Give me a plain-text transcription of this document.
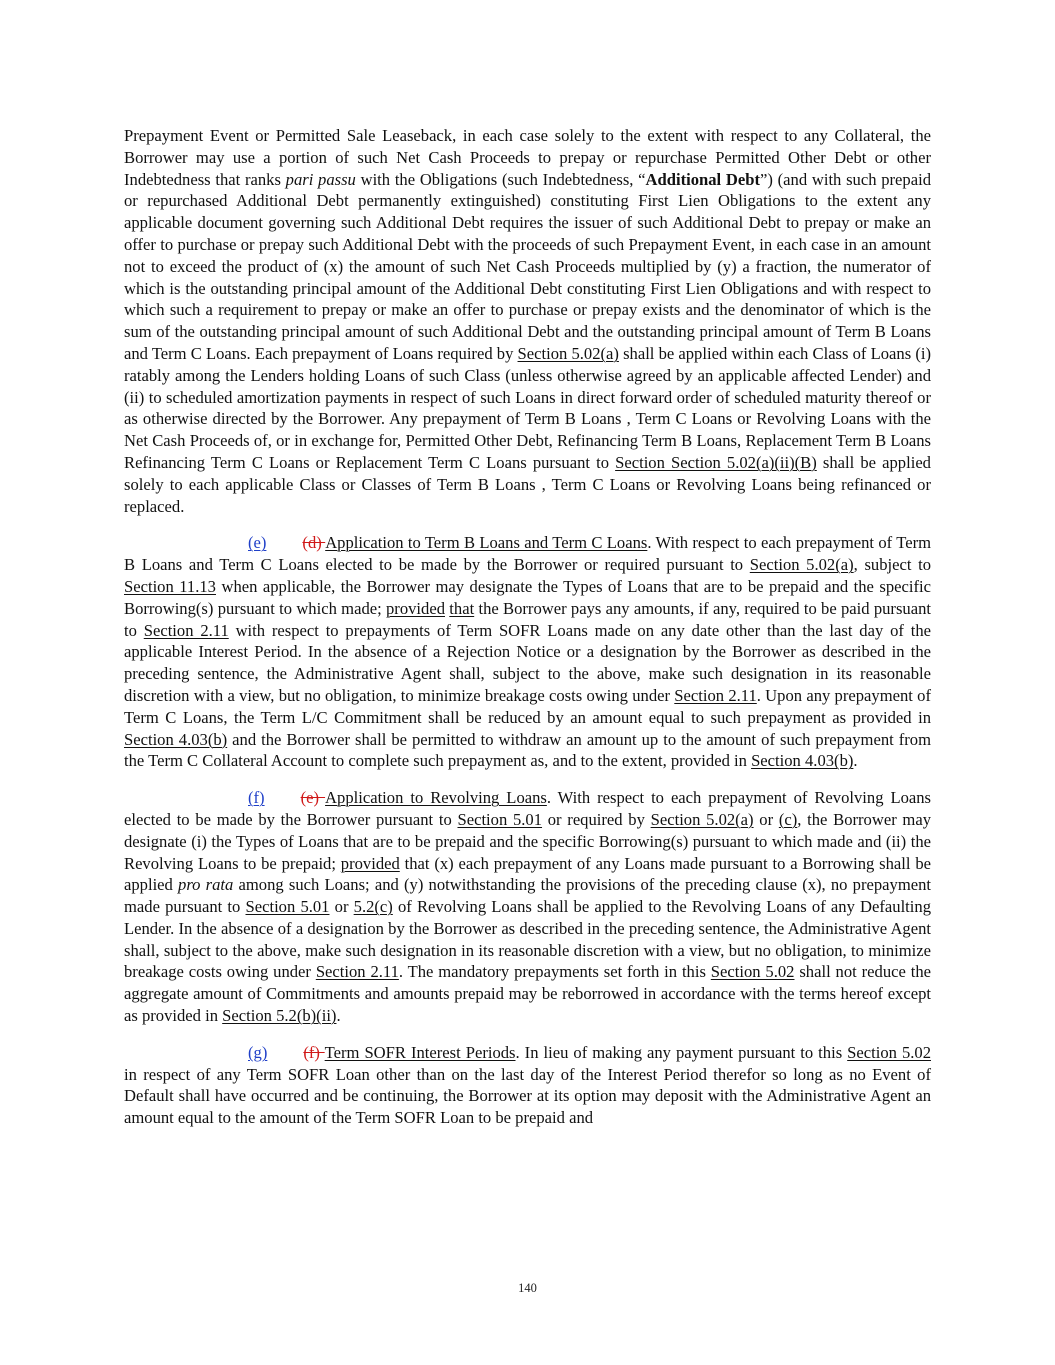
Prepayment Event or Permitted Sale Leaseback, in each case solely to the extent with respect to any Collateral, the Borrower may use a portion of such Net Cash Proceeds to prepay or repurchase Permitted Other Debt or other Indebtedness that ranks pari passu with the Obligations (such Indebtedness, “Additional Debt”) (and with such prepaid or repurchased Additional Debt permanently extinguished) constituting First Lien Obligations to the extent any applicable document governing such Additional Debt requires the issuer of such Additional Debt to prepay or make an offer to purchase or prepay such Additional Debt with the proceeds of such Prepayment Event, in each case in an amount not to exceed the product of (x) the amount of such Net Cash Proceeds multiplied by (y) a fraction, the numerator of which is the outstanding principal amount of the Additional Debt constituting First Lien Obligations and with respect to which such a requirement to prepay or make an offer to purchase or prepay exists and the denominator of which is the sum of the outstanding principal amount of such Additional Debt and the outstanding principal amount of Term B Loans and Term C Loans. Each prepayment of Loans required by Section 5.02(a) shall be applied within each Class of Loans (i) ratably among the Lenders holding Loans of such Class (unless otherwise agreed by an applicable affected Lender) and (ii) to scheduled amortization payments in respect of such Loans in direct forward order of scheduled maturity thereof or as otherwise directed by the Borrower. Any prepayment of Term B Loans , Term C Loans or Revolving Loans with the Net Cash Proceeds of, or in exchange for, Permitted Other Debt, Refinancing Term B Loans, Replacement Term B Loans Refinancing Term C Loans or Replacement Term C Loans pursuant to Section Section 5.02(a)(ii)(B) shall be applied solely to each applicable Class or Classes of Term B Loans , Term C Loans or Revolving Loans being refinanced or replaced.

(e) (d) Application to Term B Loans and Term C Loans. With respect to each prepayment of Term B Loans and Term C Loans elected to be made by the Borrower or required pursuant to Section 5.02(a), subject to Section 11.13 when applicable, the Borrower may designate the Types of Loans that are to be prepaid and the specific Borrowing(s) pursuant to which made; provided that the Borrower pays any amounts, if any, required to be paid pursuant to Section 2.11 with respect to prepayments of Term SOFR Loans made on any date other than the last day of the applicable Interest Period. In the absence of a Rejection Notice or a designation by the Borrower as described in the preceding sentence, the Administrative Agent shall, subject to the above, make such designation in its reasonable discretion with a view, but no obligation, to minimize breakage costs owing under Section 2.11. Upon any prepayment of Term C Loans, the Term L/C Commitment shall be reduced by an amount equal to such prepayment as provided in Section 4.03(b) and the Borrower shall be permitted to withdraw an amount up to the amount of such prepayment from the Term C Collateral Account to complete such prepayment as, and to the extent, provided in Section 4.03(b).

(f) (e) Application to Revolving Loans. With respect to each prepayment of Revolving Loans elected to be made by the Borrower pursuant to Section 5.01 or required by Section 5.02(a) or (c), the Borrower may designate (i) the Types of Loans that are to be prepaid and the specific Borrowing(s) pursuant to which made and (ii) the Revolving Loans to be prepaid; provided that (x) each prepayment of any Loans made pursuant to a Borrowing shall be applied pro rata among such Loans; and (y) notwithstanding the provisions of the preceding clause (x), no prepayment made pursuant to Section 5.01 or 5.2(c) of Revolving Loans shall be applied to the Revolving Loans of any Defaulting Lender. In the absence of a designation by the Borrower as described in the preceding sentence, the Administrative Agent shall, subject to the above, make such designation in its reasonable discretion with a view, but no obligation, to minimize breakage costs owing under Section 2.11. The mandatory prepayments set forth in this Section 5.02 shall not reduce the aggregate amount of Commitments and amounts prepaid may be reborrowed in accordance with the terms hereof except as provided in Section 5.2(b)(ii).

(g) (f) Term SOFR Interest Periods. In lieu of making any payment pursuant to this Section 5.02 in respect of any Term SOFR Loan other than on the last day of the Interest Period therefor so long as no Event of Default shall have occurred and be continuing, the Borrower at its option may deposit with the Administrative Agent an amount equal to the amount of the Term SOFR Loan to be prepaid and

140
